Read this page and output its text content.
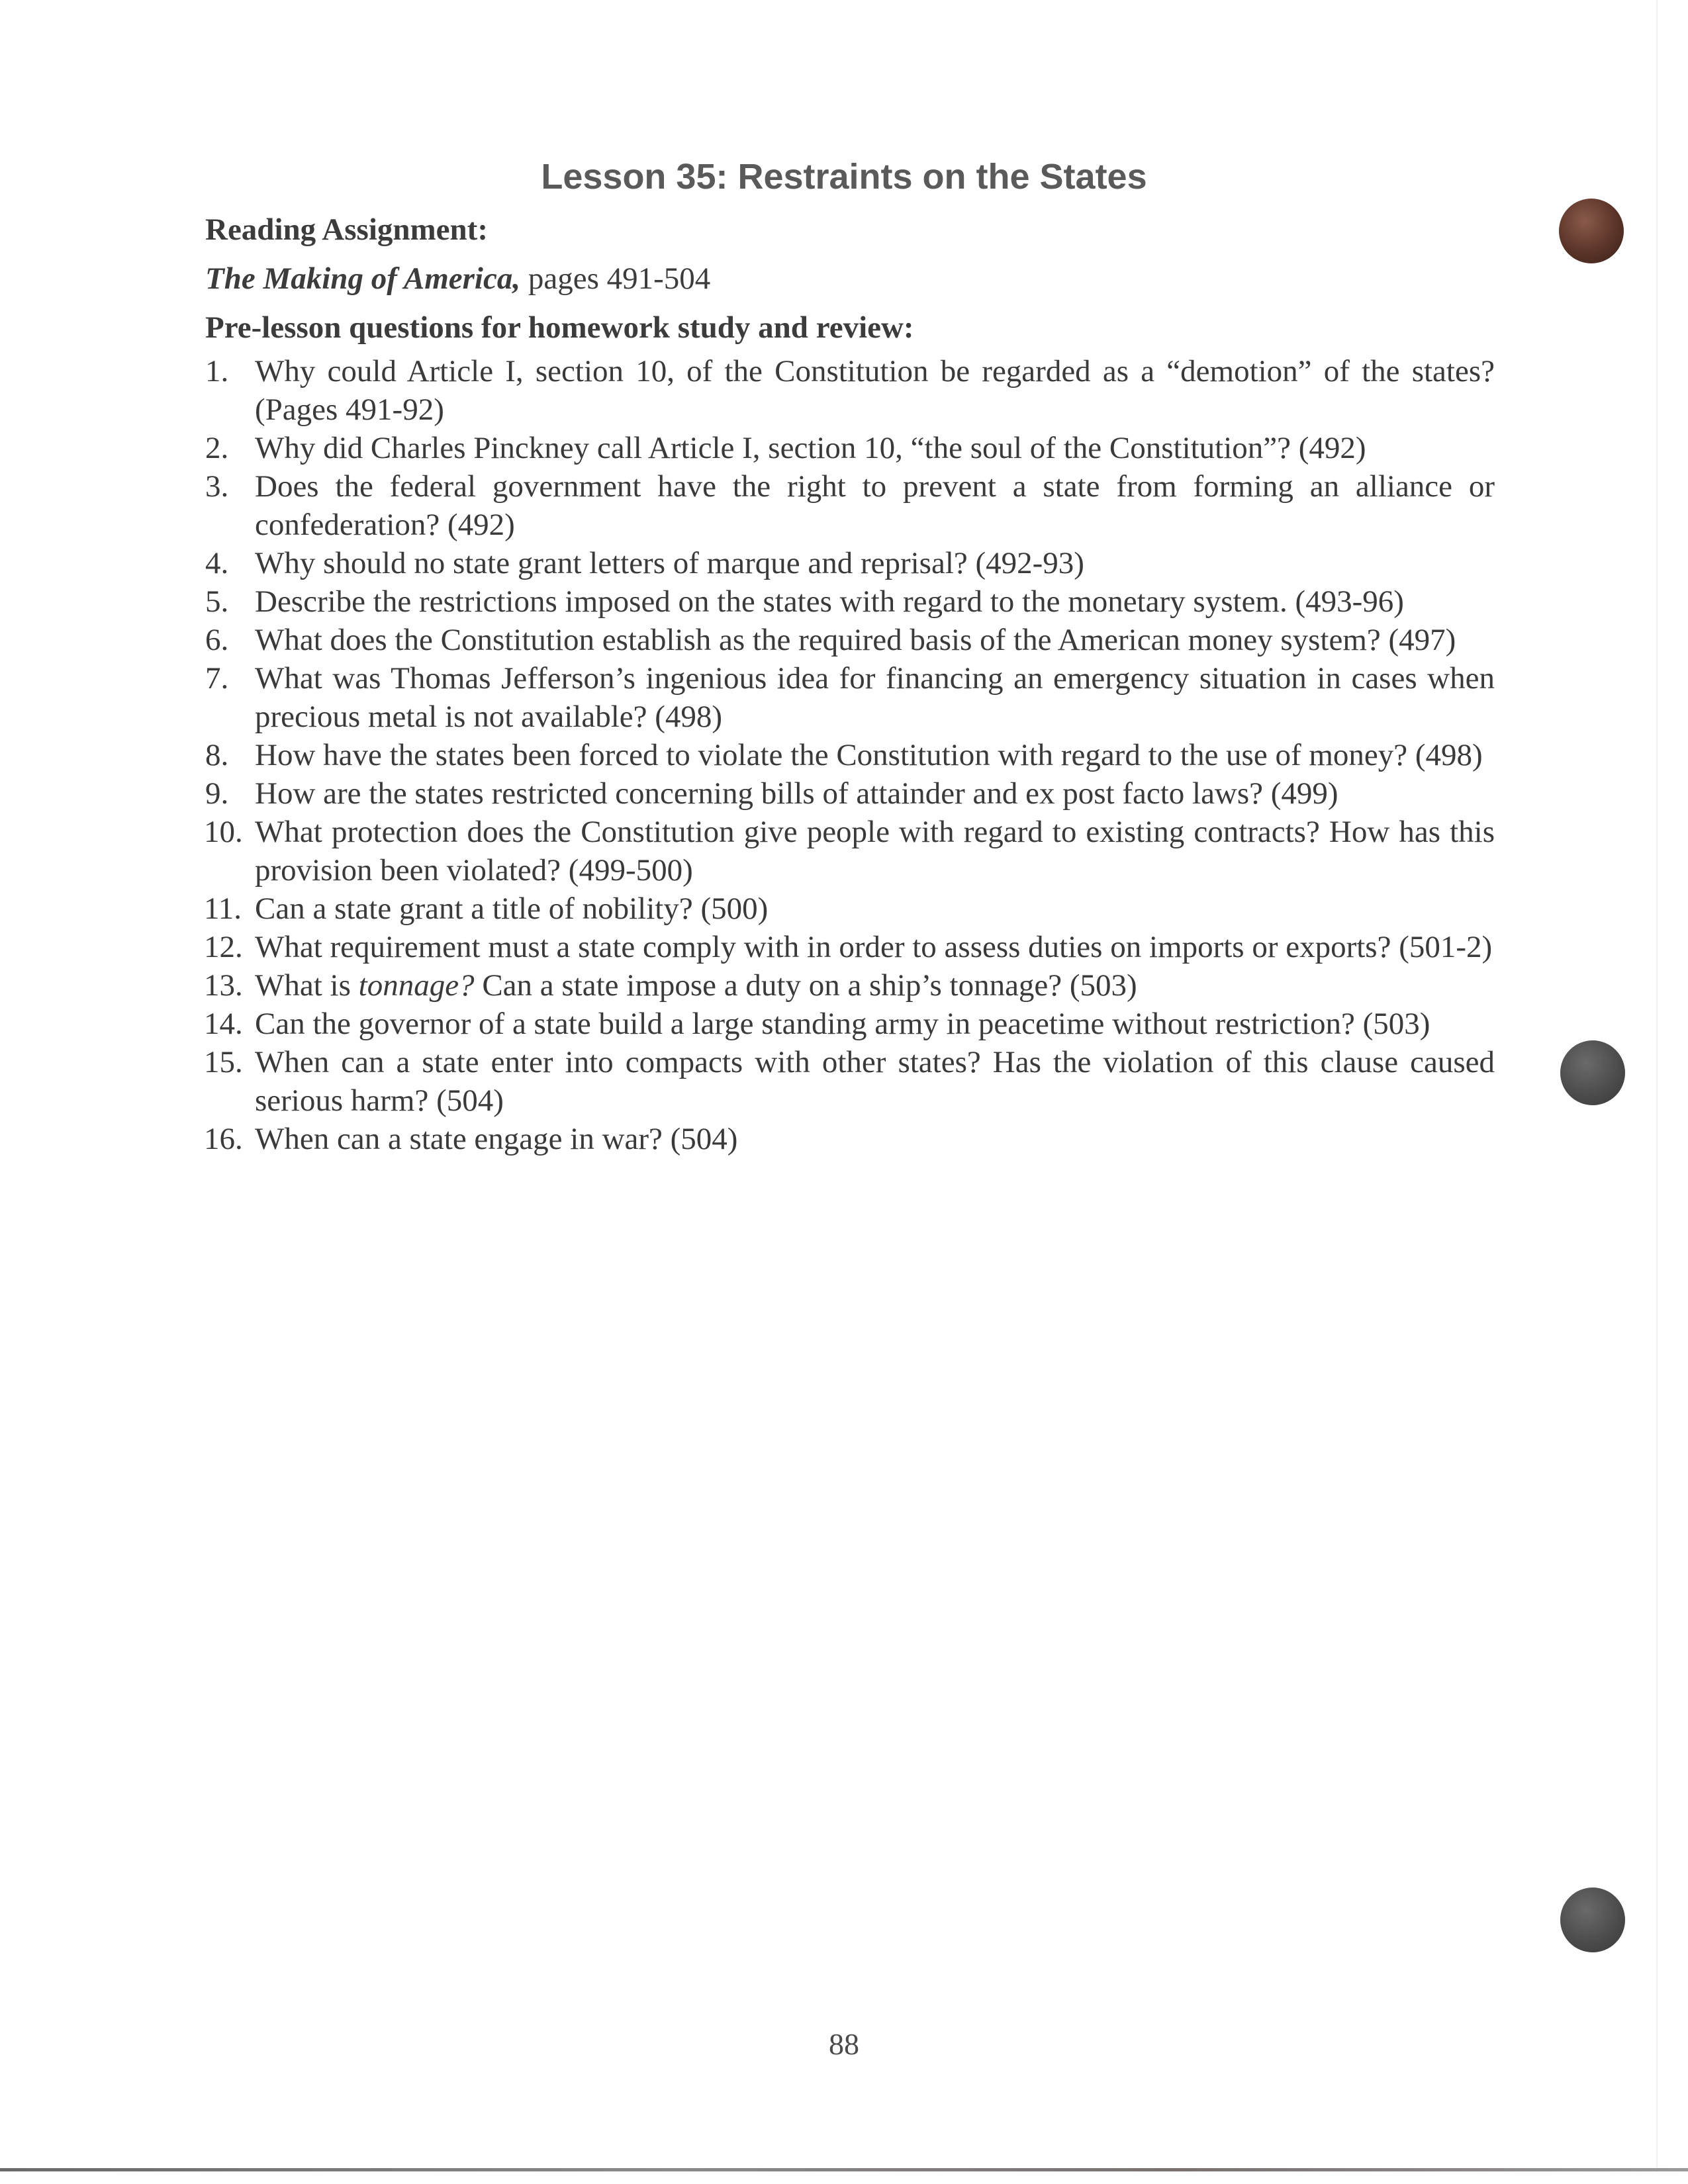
Lesson 35: Restraints on the States

Reading Assignment:

The Making of America, pages 491-504

Pre-lesson questions for homework study and review:

1. Why could Article I, section 10, of the Constitution be regarded as a “demotion” of the states? (Pages 491-92)
2. Why did Charles Pinckney call Article I, section 10, “the soul of the Constitution”? (492)
3. Does the federal government have the right to prevent a state from forming an alliance or confederation? (492)
4. Why should no state grant letters of marque and reprisal? (492-93)
5. Describe the restrictions imposed on the states with regard to the monetary system. (493-96)
6. What does the Constitution establish as the required basis of the American money system? (497)
7. What was Thomas Jefferson’s ingenious idea for financing an emergency situation in cases when precious metal is not available? (498)
8. How have the states been forced to violate the Constitution with regard to the use of money? (498)
9. How are the states restricted concerning bills of attainder and ex post facto laws? (499)
10. What protection does the Constitution give people with regard to existing contracts? How has this provision been violated? (499-500)
11. Can a state grant a title of nobility? (500)
12. What requirement must a state comply with in order to assess duties on imports or exports? (501-2)
13. What is tonnage? Can a state impose a duty on a ship’s tonnage? (503)
14. Can the governor of a state build a large standing army in peacetime without restriction? (503)
15. When can a state enter into compacts with other states? Has the violation of this clause caused serious harm? (504)
16. When can a state engage in war? (504)
88
